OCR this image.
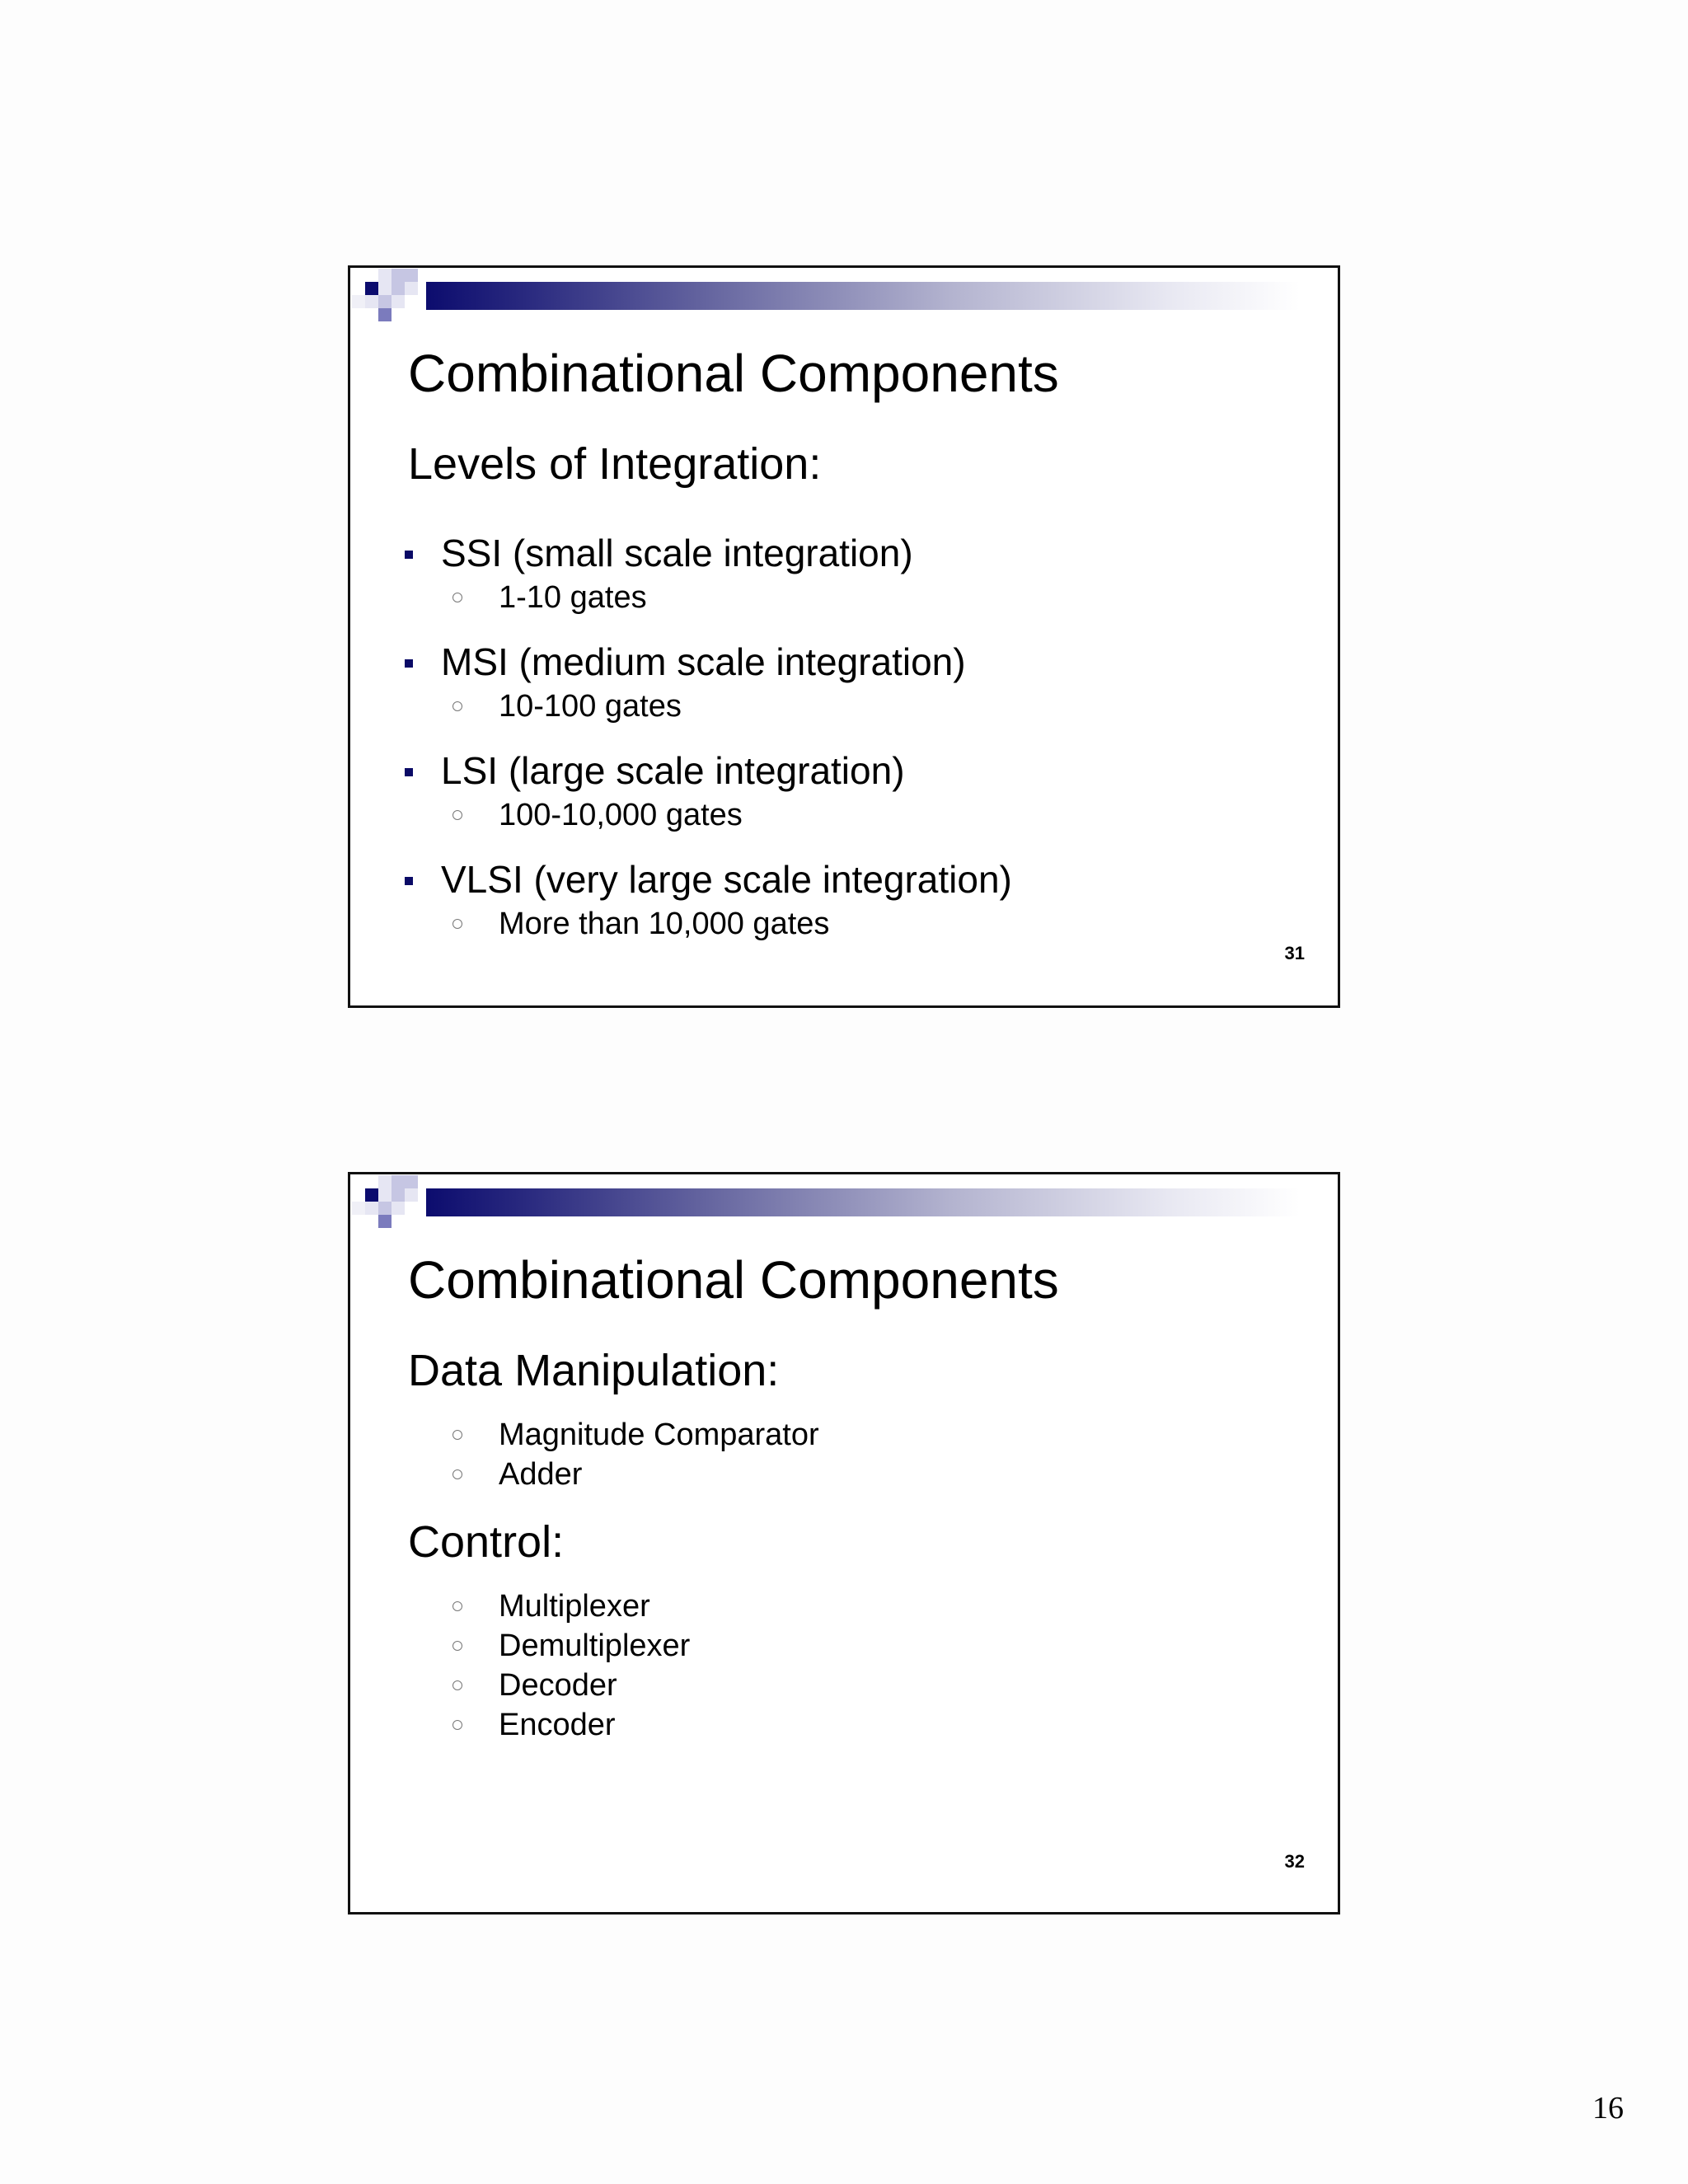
Combinational Components
Levels of Integration:
SSI (small scale integration)
1-10 gates
MSI (medium scale integration)
10-100 gates
LSI (large scale integration)
100-10,000 gates
VLSI (very large scale integration)
More than 10,000 gates
31
Combinational Components
Data Manipulation:
Magnitude Comparator
Adder
Control:
Multiplexer
Demultiplexer
Decoder
Encoder
32
16
